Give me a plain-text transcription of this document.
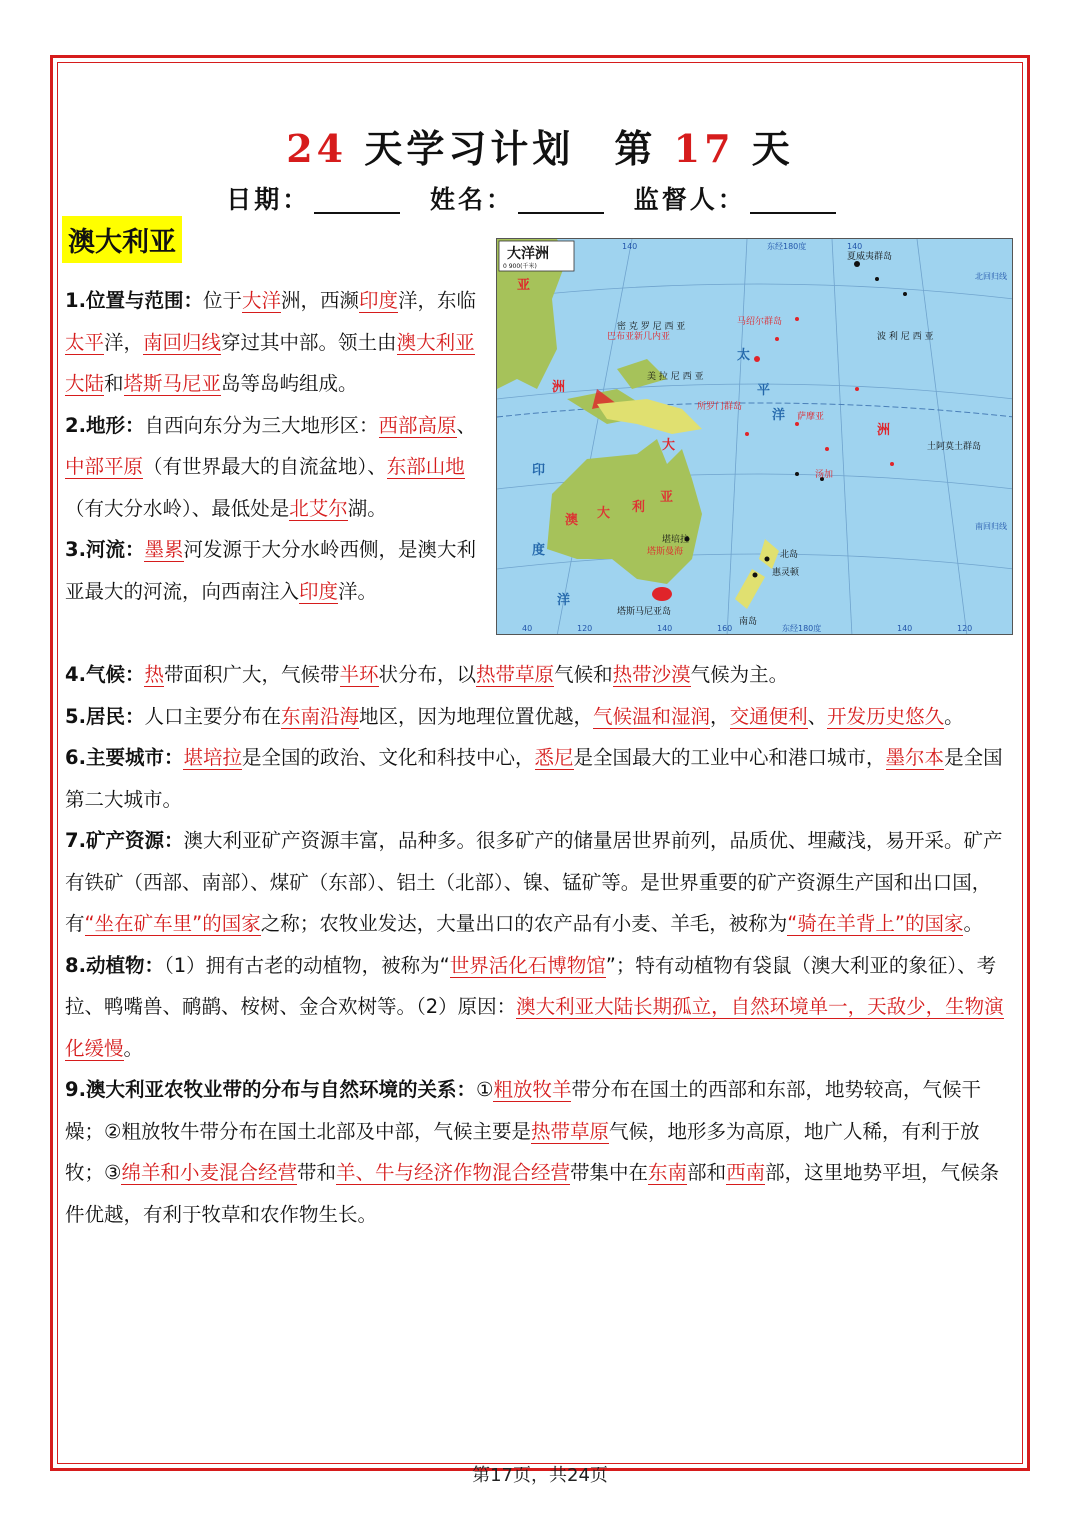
24 天学习计划 第 17 天
日期：	姓名：	监督人：
澳大利亚

1.位置与范围：位于大洋洲，西濒印度洋，东临太平洋，南回归线穿过其中部。领土由澳大利亚大陆和塔斯马尼亚岛等岛屿组成。

2.地形：自西向东分为三大地形区：西部高原、中部平原（有世界最大的自流盆地）、东部山地（有大分水岭）、最低处是北艾尔湖。

3.河流：墨累河发源于大分水岭西侧，是澳大利亚最大的河流，向西南注入印度洋。

大洋洲
0 900(千米)
亚
洲
印
度
洋
大
澳 大 利
亚
太
平
洋
洲
密 克 罗 尼 西 亚
美 拉 尼 西 亚
波 利 尼 西 亚
夏威夷群岛
马绍尔群岛
塔斯曼海
塔斯马尼亚岛
北岛
南岛
堪培拉
惠灵顿
汤加
萨摩亚
土阿莫土群岛
所罗门群岛
巴布亚新几内亚
140	东经180度	140
40	120	140	160	东经180度	140	120
北回归线
南回归线

4.气候：热带面积广大，气候带半环状分布，以热带草原气候和热带沙漠气候为主。

5.居民：人口主要分布在东南沿海地区，因为地理位置优越，气候温和湿润，交通便利、开发历史悠久。

6.主要城市：堪培拉是全国的政治、文化和科技中心，悉尼是全国最大的工业中心和港口城市，墨尔本是全国第二大城市。

7.矿产资源：澳大利亚矿产资源丰富，品种多。很多矿产的储量居世界前列，品质优、埋藏浅，易开采。矿产有铁矿（西部、南部）、煤矿（东部）、铝土（北部）、镍、锰矿等。是世界重要的矿产资源生产国和出口国，有“坐在矿车里”的国家之称；农牧业发达，大量出口的农产品有小麦、羊毛，被称为“骑在羊背上”的国家。

8.动植物：（1）拥有古老的动植物，被称为“世界活化石博物馆”；特有动植物有袋鼠（澳大利亚的象征）、考拉、鸭嘴兽、鸸鹋、桉树、金合欢树等。（2）原因：澳大利亚大陆长期孤立，自然环境单一，天敌少，生物演化缓慢。

9.澳大利亚农牧业带的分布与自然环境的关系：①粗放牧羊带分布在国土的西部和东部，地势较高，气候干燥；②粗放牧牛带分布在国土北部及中部，气候主要是热带草原气候，地形多为高原，地广人稀，有利于放牧；③绵羊和小麦混合经营带和羊、牛与经济作物混合经营带集中在东南部和西南部，这里地势平坦，气候条件优越，有利于牧草和农作物生长。

第17页，共24页
